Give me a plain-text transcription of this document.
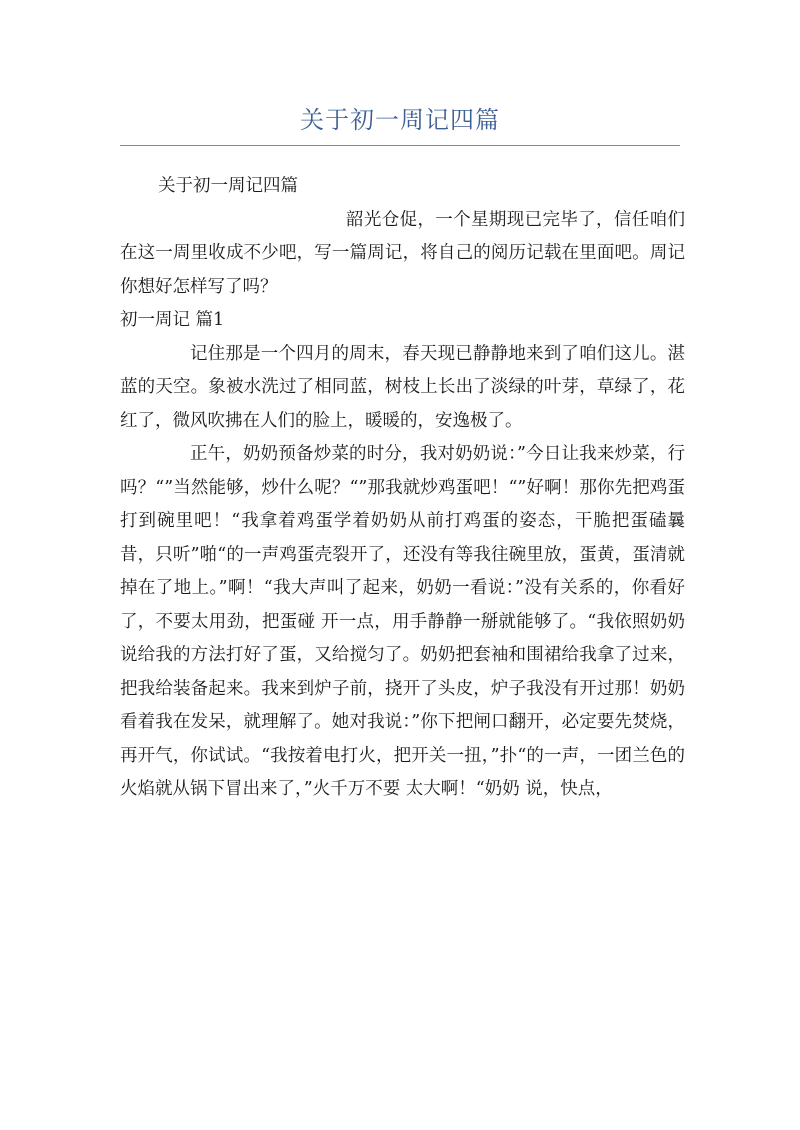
关于初一周记四篇

关于初一周记四篇

韶光仓促，一个星期现已完毕了，信任咱们在这一周里收成不少吧，写一篇周记，将自己的阅历记载在里面吧。周记你想好怎样写了吗？

初一周记 篇1

记住那是一个四月的周末，春天现已静静地来到了咱们这儿。湛蓝的天空。象被水洗过了相同蓝，树枝上长出了淡绿的叶芽，草绿了，花红了，微风吹拂在人们的脸上，暖暖的，安逸极了。

正午，奶奶预备炒菜的时分，我对奶奶说：”今日让我来炒菜，行吗？“”当然能够，炒什么呢？“”那我就炒鸡蛋吧！“”好啊！那你先把鸡蛋打到碗里吧！“我拿着鸡蛋学着奶奶从前打鸡蛋的姿态，干脆把蛋磕曩昔，只听”啪“的一声鸡蛋壳裂开了，还没有等我往碗里放，蛋黄，蛋清就掉在了地上。”啊！“我大声叫了起来，奶奶一看说：”没有关系的，你看好了，不要太用劲，把蛋碰 开一点，用手静静一掰就能够了。“我依照奶奶说给我的方法打好了蛋，又给搅匀了。奶奶把套袖和围裙给我拿了过来，把我给装备起来。我来到炉子前，挠开了头皮，炉子我没有开过那！奶奶看着我在发呆，就理解了。她对我说：”你下把闸口翻开，必定要先焚烧，再开气，你试试。“我按着电打火，把开关一扭，”扑“的一声，一团兰色的火焰就从锅下冒出来了，”火千万不要 太大啊！“奶奶 说，快点，
